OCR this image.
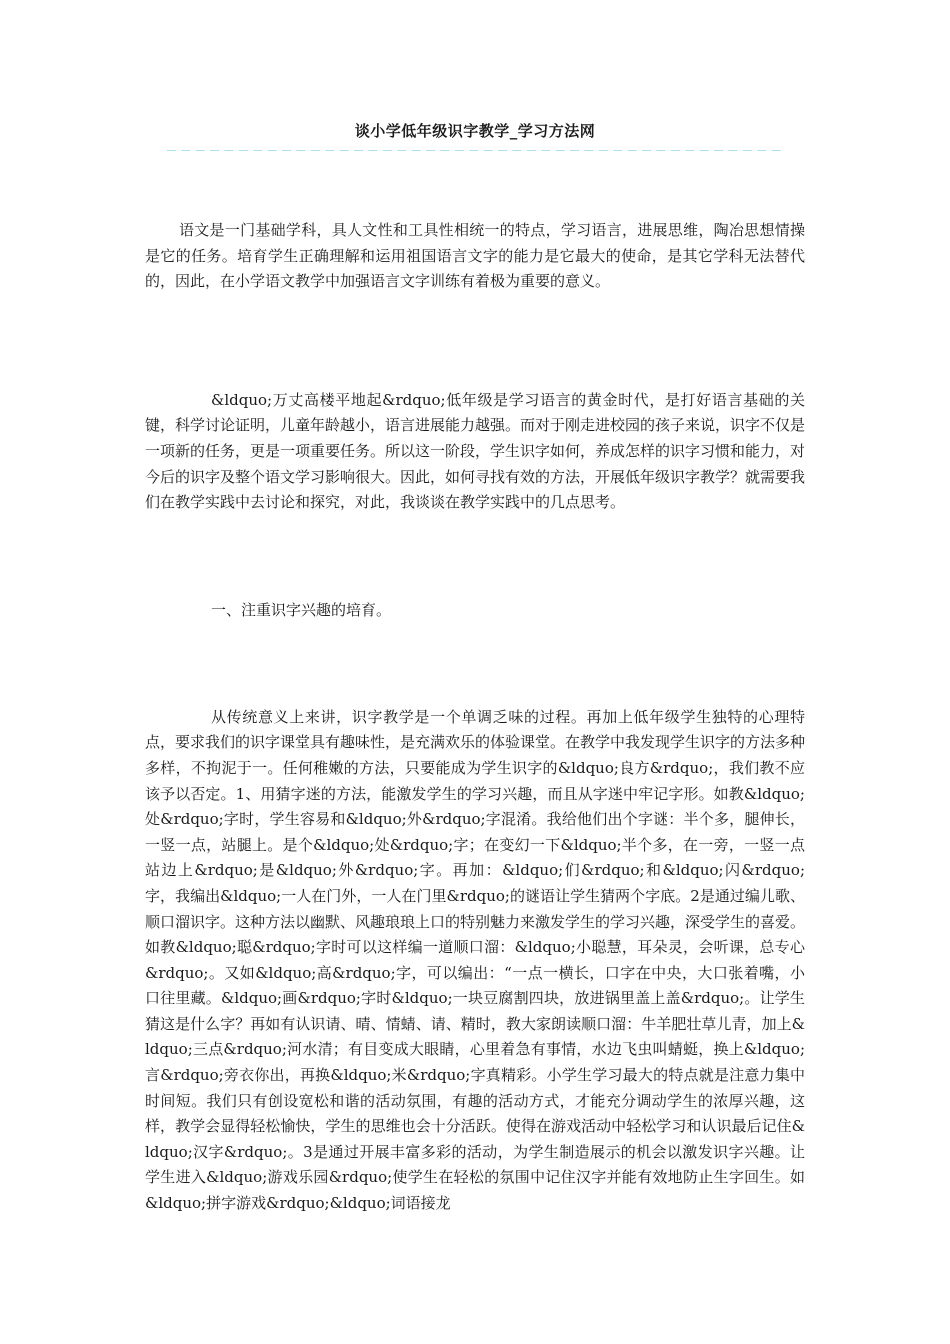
谈小学低年级识字教学_学习方法网
－－－－－－－－－－－－－－－－－－－－－－－－－－－－－－－－－－－－－－－－－－－

语文是一门基础学科，具人文性和工具性相统一的特点，学习语言，进展思维，陶冶思想情操是它的任务。培育学生正确理解和运用祖国语言文字的能力是它最大的使命，是其它学科无法替代的，因此，在小学语文教学中加强语言文字训练有着极为重要的意义。

&ldquo;万丈高楼平地起&rdquo;低年级是学习语言的黄金时代，是打好语言基础的关键，科学讨论证明，儿童年龄越小，语言进展能力越强。而对于刚走进校园的孩子来说，识字不仅是一项新的任务，更是一项重要任务。所以这一阶段，学生识字如何，养成怎样的识字习惯和能力，对今后的识字及整个语文学习影响很大。因此，如何寻找有效的方法，开展低年级识字教学？就需要我们在教学实践中去讨论和探究，对此，我谈谈在教学实践中的几点思考。

一、注重识字兴趣的培育。

从传统意义上来讲，识字教学是一个单调乏味的过程。再加上低年级学生独特的心理特点，要求我们的识字课堂具有趣味性，是充满欢乐的体验课堂。在教学中我发现学生识字的方法多种多样，不拘泥于一。任何稚嫩的方法，只要能成为学生识字的&ldquo;良方&rdquo;，我们教不应该予以否定。1、用猜字迷的方法，能激发学生的学习兴趣，而且从字迷中牢记字形。如教&ldquo;处&rdquo;字时，学生容易和&ldquo;外&rdquo;字混淆。我给他们出个字谜：半个多，腿伸长，一竖一点，站腿上。是个&ldquo;处&rdquo;字；在变幻一下&ldquo;半个多，在一旁，一竖一点站边上&rdquo;是&ldquo;外&rdquo;字。再加：&ldquo;们&rdquo;和&ldquo;闪&rdquo;字，我编出&ldquo;一人在门外，一人在门里&rdquo;的谜语让学生猜两个字底。2是通过编儿歌、顺口溜识字。这种方法以幽默、风趣琅琅上口的特别魅力来激发学生的学习兴趣，深受学生的喜爱。如教&ldquo;聪&rdquo;字时可以这样编一道顺口溜：&ldquo;小聪慧，耳朵灵，会听课，总专心&rdquo;。又如&ldquo;高&rdquo;字，可以编出：“一点一横长，口字在中央，大口张着嘴，小口往里藏。&ldquo;画&rdquo;字时&ldquo;一块豆腐割四块，放进锅里盖上盖&rdquo;。让学生猜这是什么字？再如有认识请、晴、情蜻、请、精时，教大家朗读顺口溜：牛羊肥壮草儿青，加上&ldquo;三点&rdquo;河水清；有目变成大眼睛，心里着急有事情，水边飞虫叫蜻蜓，换上&ldquo;言&rdquo;旁衣你出，再换&ldquo;米&rdquo;字真精彩。小学生学习最大的特点就是注意力集中时间短。我们只有创设宽松和谐的活动氛围，有趣的活动方式，才能充分调动学生的浓厚兴趣，这样，教学会显得轻松愉快，学生的思维也会十分活跃。使得在游戏活动中轻松学习和认识最后记住&ldquo;汉字&rdquo;。3是通过开展丰富多彩的活动，为学生制造展示的机会以激发识字兴趣。让学生进入&ldquo;游戏乐园&rdquo;使学生在轻松的氛围中记住汉字并能有效地防止生字回生。如&ldquo;拼字游戏&rdquo;&ldquo;词语接龙
